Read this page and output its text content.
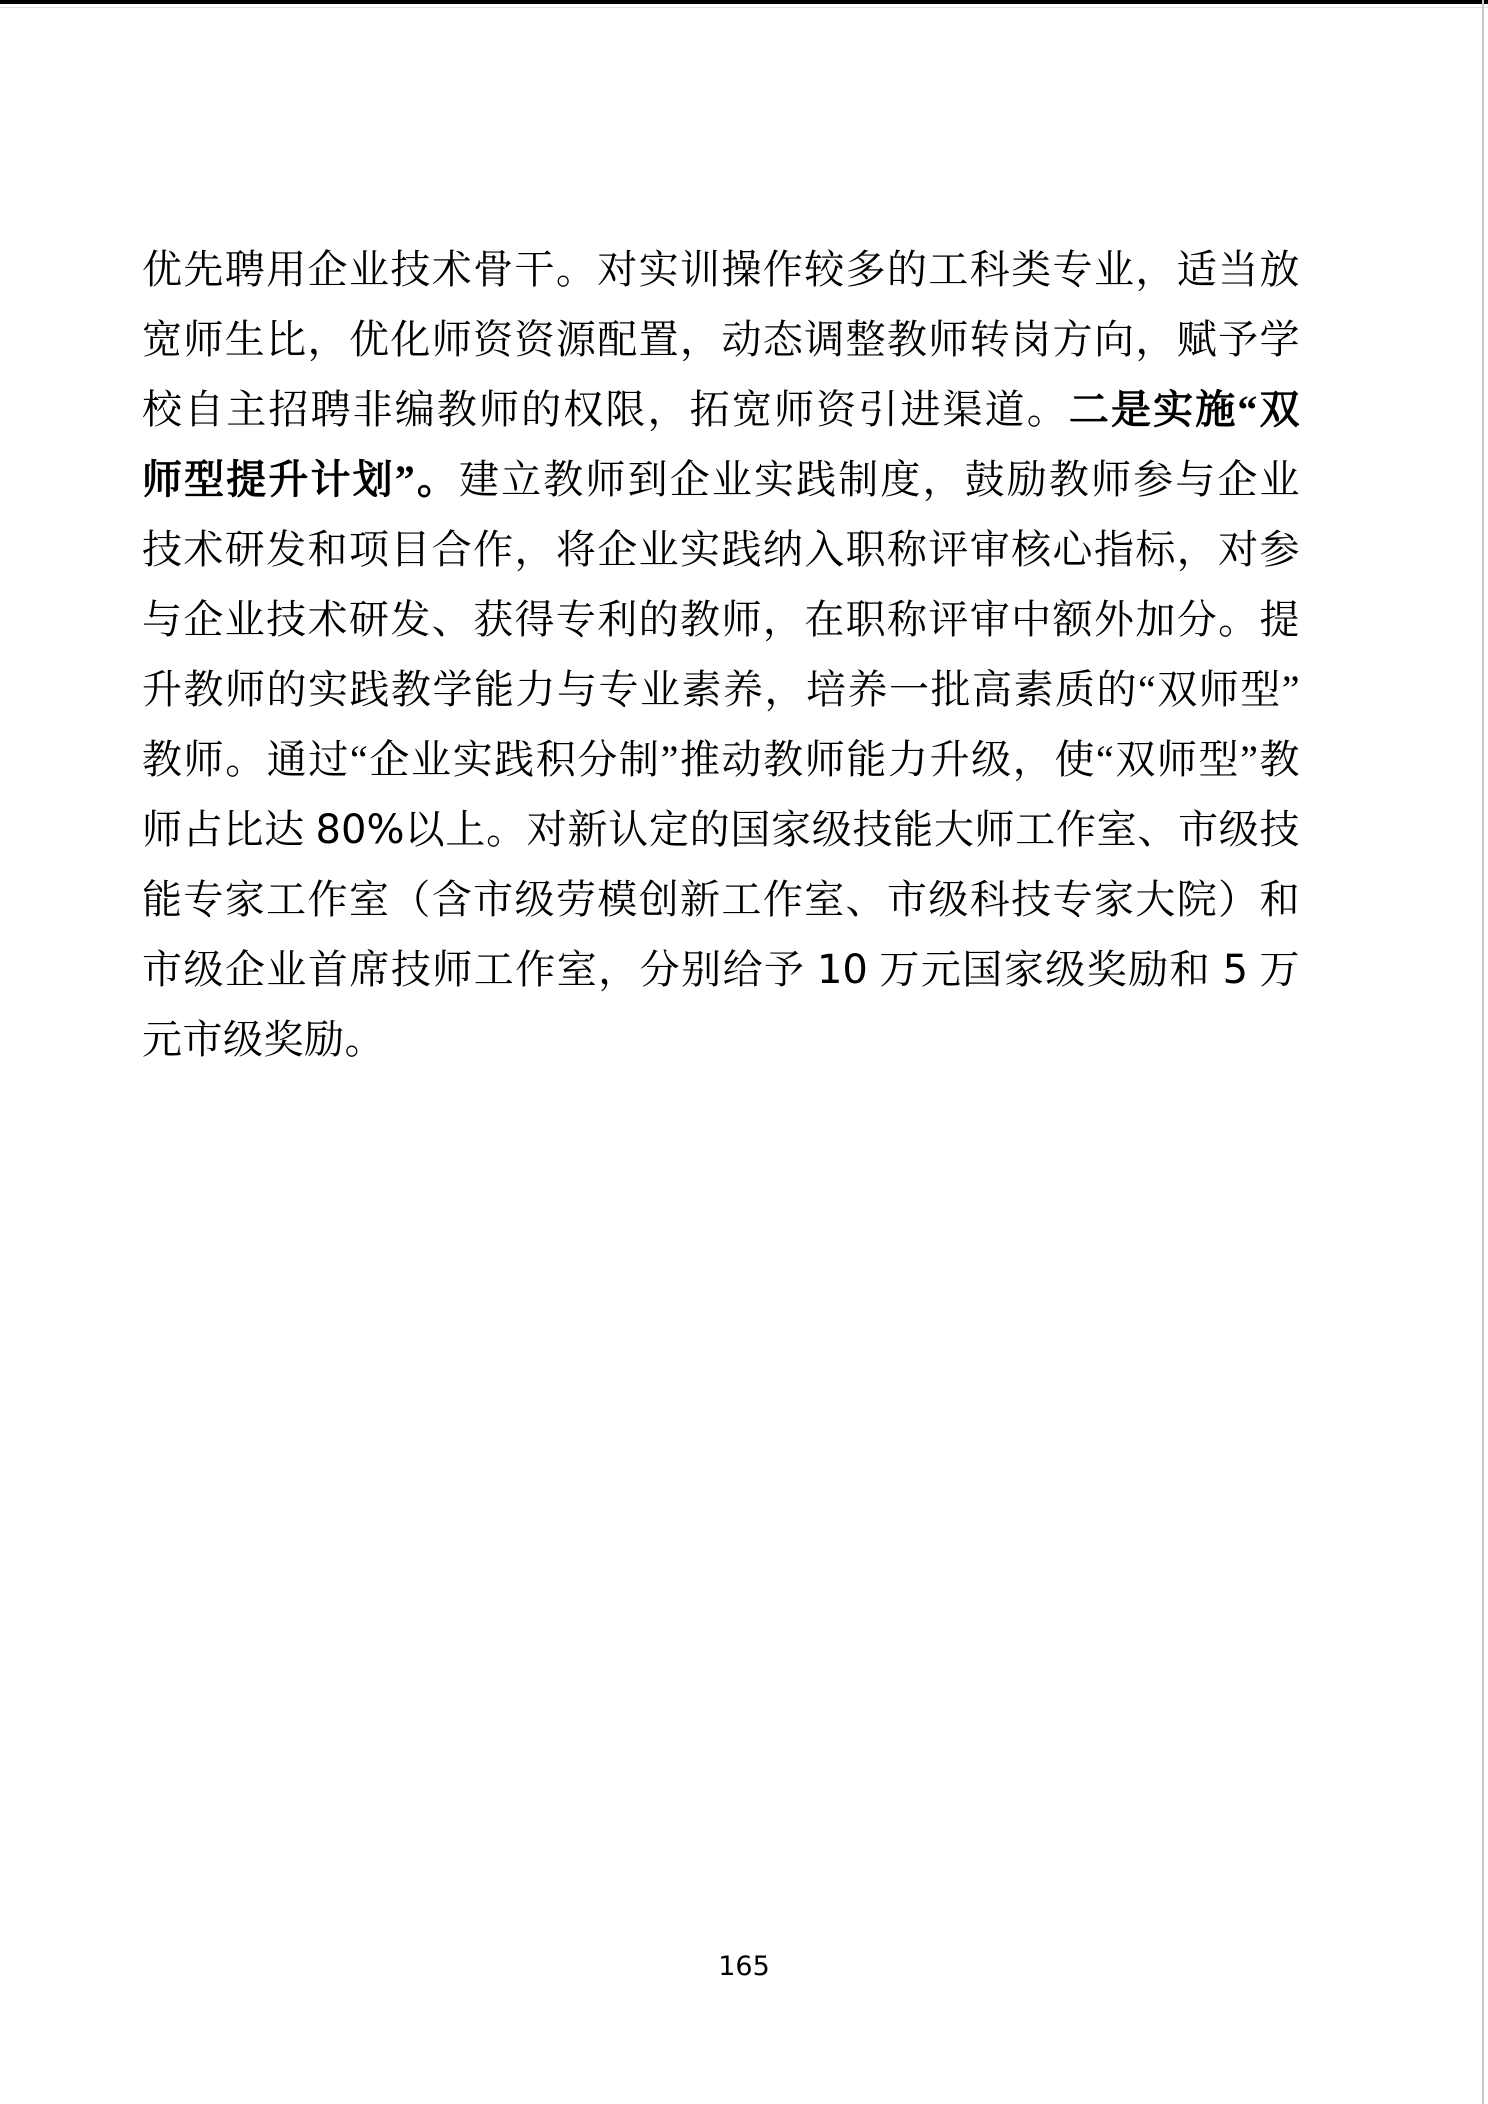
优先聘用企业技术骨干。对实训操作较多的工科类专业，适当放
宽师生比，优化师资资源配置，动态调整教师转岗方向，赋予学
校自主招聘非编教师的权限，拓宽师资引进渠道。二是实施“双
师型提升计划”。建立教师到企业实践制度，鼓励教师参与企业
技术研发和项目合作，将企业实践纳入职称评审核心指标，对参
与企业技术研发、获得专利的教师，在职称评审中额外加分。提
升教师的实践教学能力与专业素养，培养一批高素质的“双师型”
教师。通过“企业实践积分制”推动教师能力升级，使“双师型”教
师占比达 80%以上。对新认定的国家级技能大师工作室、市级技
能专家工作室（含市级劳模创新工作室、市级科技专家大院）和
市级企业首席技师工作室，分别给予 10 万元国家级奖励和 5 万
元市级奖励。
165
